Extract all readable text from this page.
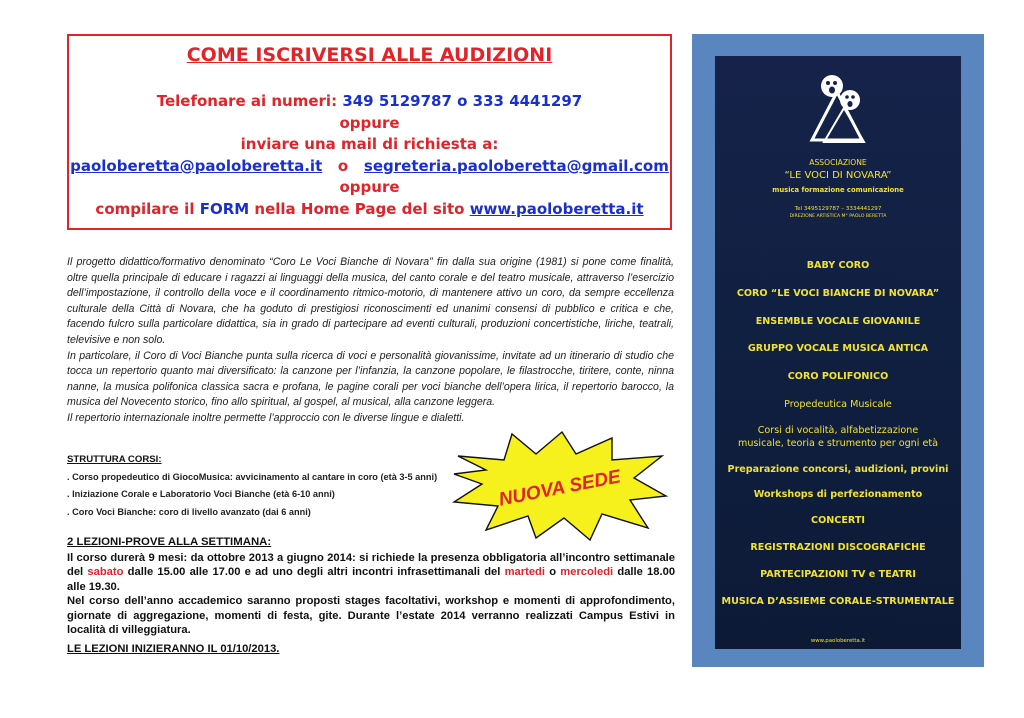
COME ISCRIVERSI ALLE AUDIZIONI
Telefonare ai numeri: 349 5129787 o 333 4441297
oppure
inviare una mail di richiesta a:
paoloberetta@paoloberetta.it o segreteria.paoloberetta@gmail.com
oppure
compilare il FORM nella Home Page del sito www.paoloberetta.it

Il progetto didattico/formativo denominato “Coro Le Voci Bianche di Novara” fin dalla sua origine (1981) si pone come finalità, oltre quella principale di educare i ragazzi ai linguaggi della musica, del canto corale e del teatro musicale, attraverso l’esercizio dell’impostazione, il controllo della voce e il coordinamento ritmico-motorio, di mantenere attivo un coro, da sempre eccellenza culturale della Città di Novara, che ha goduto di prestigiosi riconoscimenti ed unanimi consensi di pubblico e critica e che, facendo fulcro sulla particolare didattica, sia in grado di partecipare ad eventi culturali, produzioni concertistiche, liriche, teatrali, televisive e non solo.

In particolare, il Coro di Voci Bianche punta sulla ricerca di voci e personalità giovanissime, invitate ad un itinerario di studio che tocca un repertorio quanto mai diversificato: la canzone per l’infanzia, la canzone popolare, le filastrocche, tiritere, conte, ninna nanne, la musica polifonica classica sacra e profana, le pagine corali per voci bianche dell’opera lirica, il repertorio barocco, la musica del Novecento storico, fino allo spiritual, al gospel, al musical, alla canzone leggera.

Il repertorio internazionale inoltre permette l’approccio con le diverse lingue e dialetti.

STRUTTURA CORSI:
. Corso propedeutico di GiocoMusica: avvicinamento al cantare in coro (età 3-5 anni)
. Iniziazione Corale e Laboratorio Voci Bianche (età 6-10 anni)
. Coro Voci Bianche: coro di livello avanzato (dai 6 anni)
NUOVA SEDE
2 LEZIONI-PROVE ALLA SETTIMANA:

Il corso durerà 9 mesi: da ottobre 2013 a giugno 2014: si richiede la presenza obbligatoria all’incontro settimanale del sabato dalle 15.00 alle 17.00 e ad uno degli altri incontri infrasettimanali del martedi o mercoledi dalle 18.00 alle 19.30.

Nel corso dell’anno accademico saranno proposti stages facoltativi, workshop e momenti di approfondimento, giornate di aggregazione, momenti di festa, gite. Durante l’estate 2014 verranno realizzati Campus Estivi in località di villeggiatura.

LE LEZIONI INIZIERANNO IL 01/10/2013.
ASSOCIAZIONE
“LE VOCI DI NOVARA”
musica formazione comunicazione
Tel 3495129787 – 3334441297
DIREZIONE ARTISTICA M° PAOLO BERETTA
BABY CORO
CORO “LE VOCI BIANCHE DI NOVARA”
ENSEMBLE VOCALE GIOVANILE
GRUPPO VOCALE MUSICA ANTICA
CORO POLIFONICO
Propedeutica Musicale
Corsi di vocalità, alfabetizzazione
musicale, teoria e strumento per ogni età
Preparazione concorsi, audizioni, provini
Workshops di perfezionamento
CONCERTI
REGISTRAZIONI DISCOGRAFICHE
PARTECIPAZIONI TV e TEATRI
MUSICA D’ASSIEME CORALE-STRUMENTALE
www.paoloberetta.it
